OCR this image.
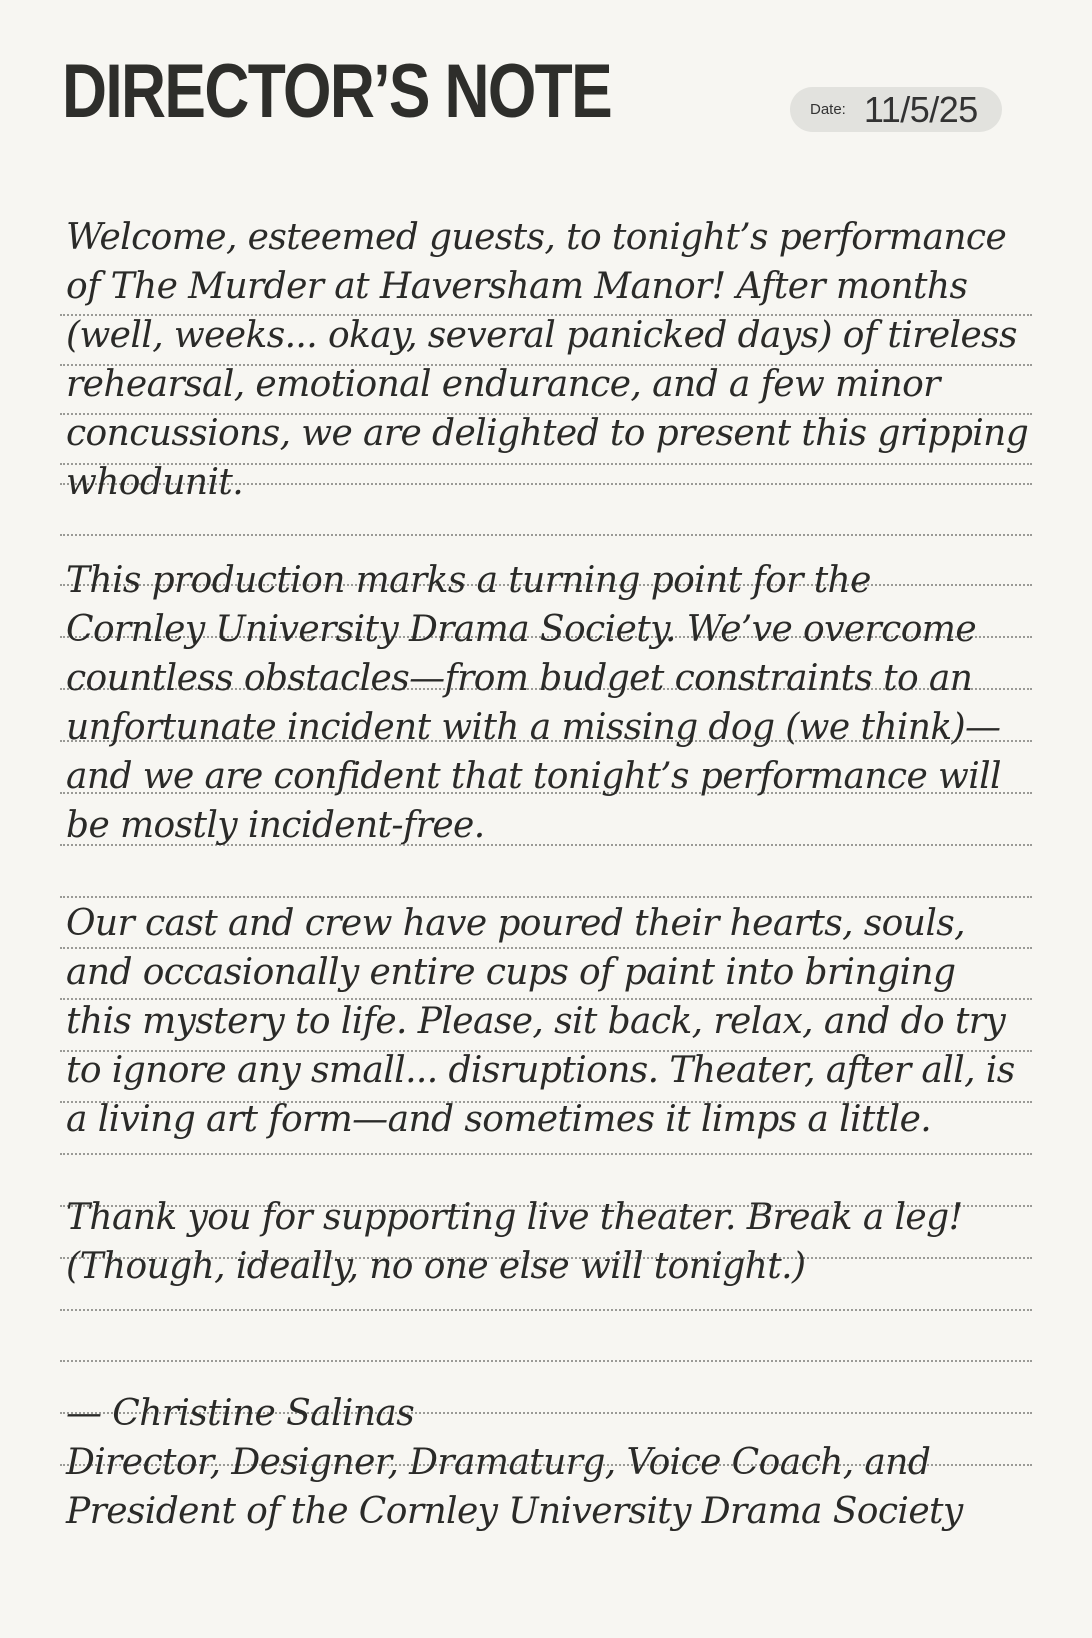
DIRECTOR’S NOTE	Date: 11/5/25
Welcome, esteemed guests, to tonight’s performance
of The Murder at Haversham Manor! After months
(well, weeks... okay, several panicked days) of tireless
rehearsal, emotional endurance, and a few minor
concussions, we are delighted to present this gripping
whodunit.
This production marks a turning point for the
Cornley University Drama Society. We’ve overcome
countless obstacles—from budget constraints to an
unfortunate incident with a missing dog (we think)—
and we are confident that tonight’s performance will
be mostly incident-free.
Our cast and crew have poured their hearts, souls,
and occasionally entire cups of paint into bringing
this mystery to life. Please, sit back, relax, and do try
to ignore any small... disruptions. Theater, after all, is
a living art form—and sometimes it limps a little.
Thank you for supporting live theater. Break a leg!
(Though, ideally, no one else will tonight.)
— Christine Salinas
Director, Designer, Dramaturg, Voice Coach, and
President of the Cornley University Drama Society
